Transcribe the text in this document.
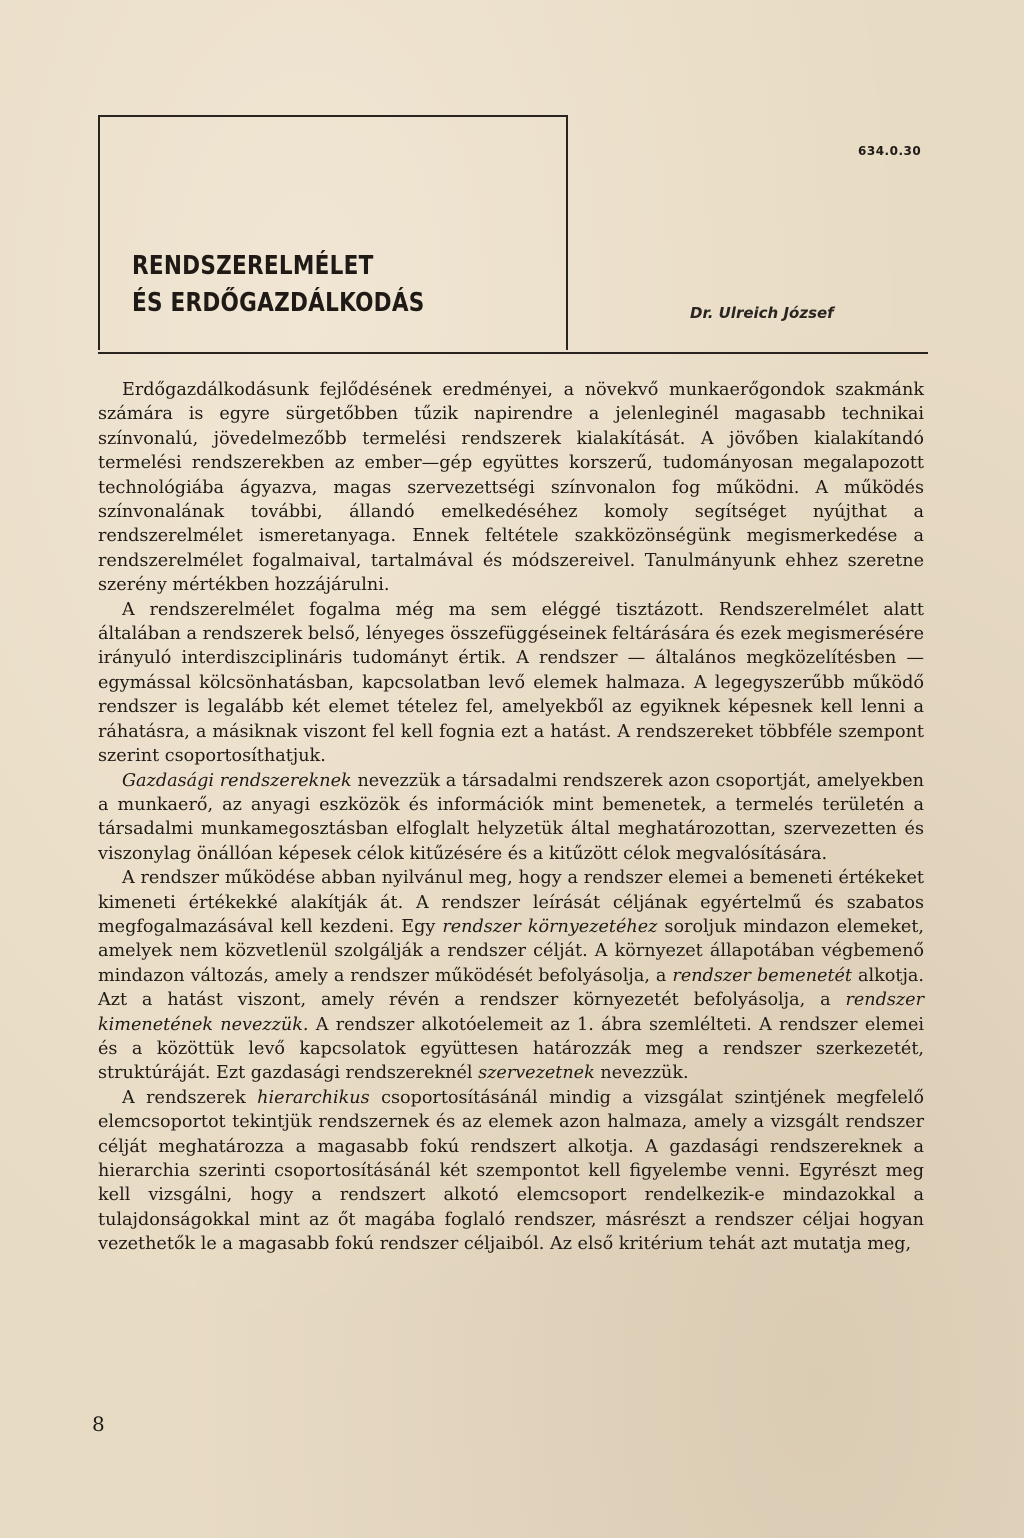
634.0.30
RENDSZERELMÉLET
ÉS ERDŐGAZDÁLKODÁS	Dr. Ulreich József

Erdőgazdálkodásunk fejlődésének eredményei, a növekvő munkaerőgondok szakmánk számára is egyre sürgetőbben tűzik napirendre a jelenleginél magasabb technikai színvonalú, jövedelmezőbb termelési rendszerek kialakítását. A jövőben kialakítandó termelési rendszerekben az ember—gép együttes korszerű, tudományosan megalapozott technológiába ágyazva, magas szervezettségi színvonalon fog működni. A működés színvonalának további, állandó emelkedéséhez komoly segítséget nyújthat a rendszerelmélet ismeretanyaga. Ennek feltétele szakközönségünk megismerkedése a rendszerelmélet fogalmaival, tartalmával és módszereivel. Tanulmányunk ehhez szeretne szerény mértékben hozzájárulni.

A rendszerelmélet fogalma még ma sem eléggé tisztázott. Rendszerelmélet alatt általában a rendszerek belső, lényeges összefüggéseinek feltárására és ezek megismerésére irányuló interdiszciplináris tudományt értik. A rendszer — általános megközelítésben — egymással kölcsönhatásban, kapcsolatban levő elemek halmaza. A legegyszerűbb működő rendszer is legalább két elemet tételez fel, amelyekből az egyiknek képesnek kell lenni a ráhatásra, a másiknak viszont fel kell fognia ezt a hatást. A rendszereket többféle szempont szerint csoportosíthatjuk.

Gazdasági rendszereknek nevezzük a társadalmi rendszerek azon csoportját, amelyekben a munkaerő, az anyagi eszközök és információk mint bemenetek, a termelés területén a társadalmi munkamegosztásban elfoglalt helyzetük által meghatározottan, szervezetten és viszonylag önállóan képesek célok kitűzésére és a kitűzött célok megvalósítására.

A rendszer működése abban nyilvánul meg, hogy a rendszer elemei a bemeneti értékeket kimeneti értékekké alakítják át. A rendszer leírását céljának egyértelmű és szabatos megfogalmazásával kell kezdeni. Egy rendszer környezetéhez soroljuk mindazon elemeket, amelyek nem közvetlenül szolgálják a rendszer célját. A környezet állapotában végbemenő mindazon változás, amely a rendszer működését befolyásolja, a rendszer bemenetét alkotja. Azt a hatást viszont, amely révén a rendszer környezetét befolyásolja, a rendszer kimenetének nevezzük. A rendszer alkotóelemeit az 1. ábra szemlélteti. A rendszer elemei és a közöttük levő kapcsolatok együttesen határozzák meg a rendszer szerkezetét, struktúráját. Ezt gazdasági rendszereknél szervezetnek nevezzük.

A rendszerek hierarchikus csoportosításánál mindig a vizsgálat szintjének megfelelő elemcsoportot tekintjük rendszernek és az elemek azon halmaza, amely a vizsgált rendszer célját meghatározza a magasabb fokú rendszert alkotja. A gazdasági rendszereknek a hierarchia szerinti csoportosításánál két szempontot kell figyelembe venni. Egyrészt meg kell vizsgálni, hogy a rendszert alkotó elemcsoport rendelkezik-e mindazokkal a tulajdonságokkal mint az őt magába foglaló rendszer, másrészt a rendszer céljai hogyan vezethetők le a magasabb fokú rendszer céljaiból. Az első kritérium tehát azt mutatja meg,

8
